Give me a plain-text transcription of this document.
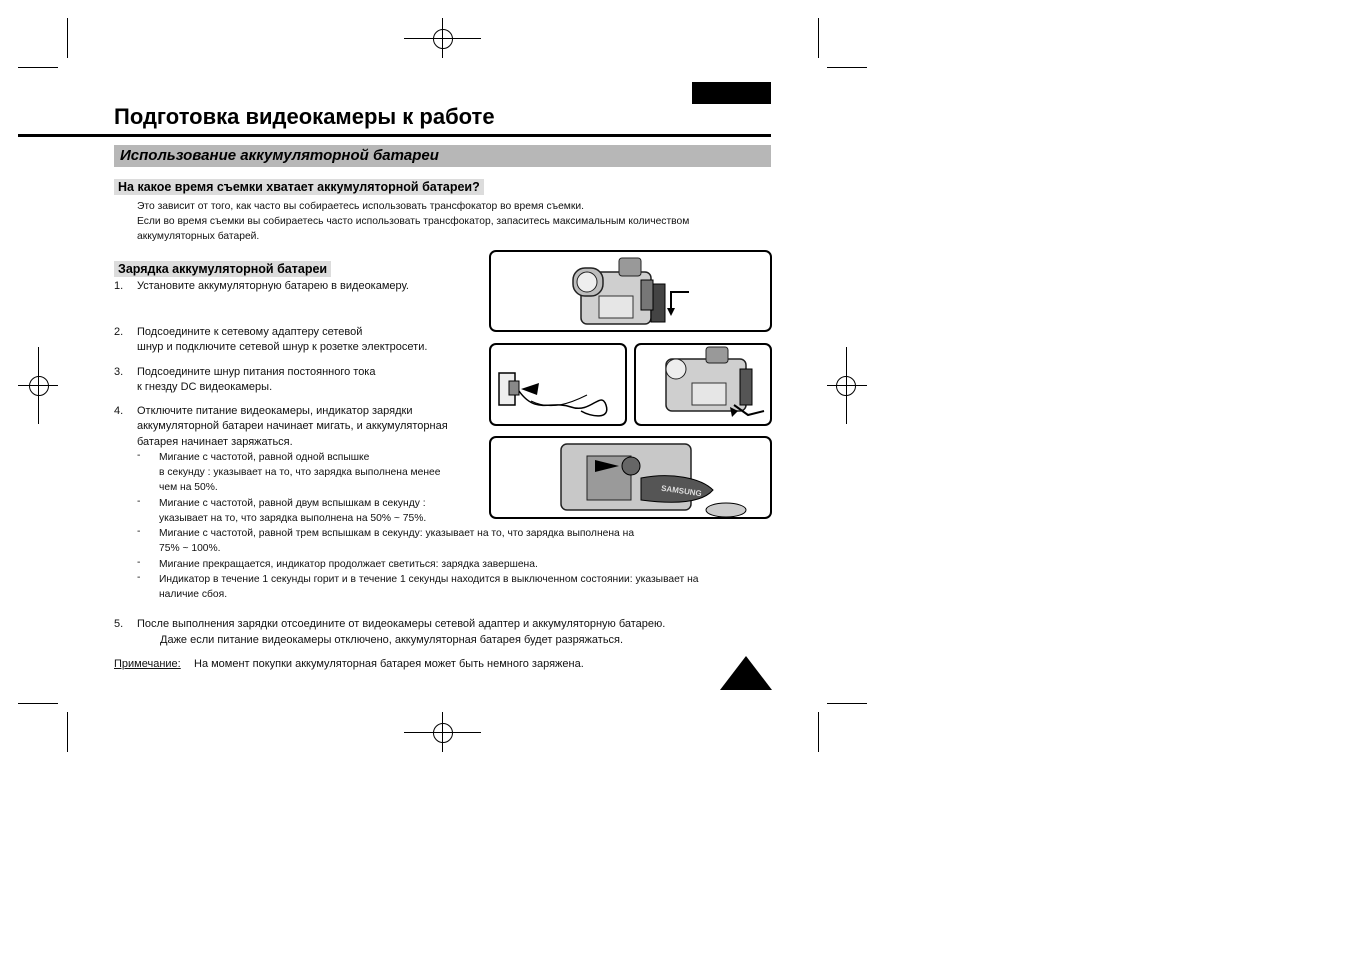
Подготовка видеокамеры к работе
Использование аккумуляторной батареи
На какое время съемки хватает аккумуляторной батареи?
Это зависит от того, как часто вы собираетесь использовать трансфокатор во время съемки.
Если во время съемки вы собираетесь часто использовать трансфокатор, запаситесь максимальным количеством
аккумуляторных батарей.
Зарядка аккумуляторной батареи
1. Установите аккумуляторную батарею в видеокамеру.
2. Подсоедините к сетевому адаптеру сетевой
шнур и подключите сетевой шнур к розетке электросети.
3. Подсоедините шнур питания постоянного тока
к гнезду DC видеокамеры.
4. Отключите питание видеокамеры, индикатор зарядки
аккумуляторной батареи начинает мигать, и аккумуляторная
батарея начинает заряжаться.
- Мигание с частотой, равной одной вспышке
в секунду : указывает на то, что зарядка выполнена менее
чем на 50%.
- Мигание с частотой, равной двум вспышкам в секунду :
указывает на то, что зарядка выполнена на 50% ~ 75%.
- Мигание с частотой, равной трем вспышкам в секунду: указывает на то, что зарядка выполнена на
75% ~ 100%.
- Мигание прекращается, индикатор продолжает светиться: зарядка завершена.
- Индикатор в течение 1 секунды горит и в течение 1 секунды находится в выключенном состоянии: указывает на
наличие сбоя.
5. После выполнения зарядки отсоедините от видеокамеры сетевой адаптер и аккумуляторную батарею.
Даже если питание видеокамеры отключено, аккумуляторная батарея будет разряжаться.
Примечание: На момент покупки аккумуляторная батарея может быть немного заряжена.
SAMSUNG
